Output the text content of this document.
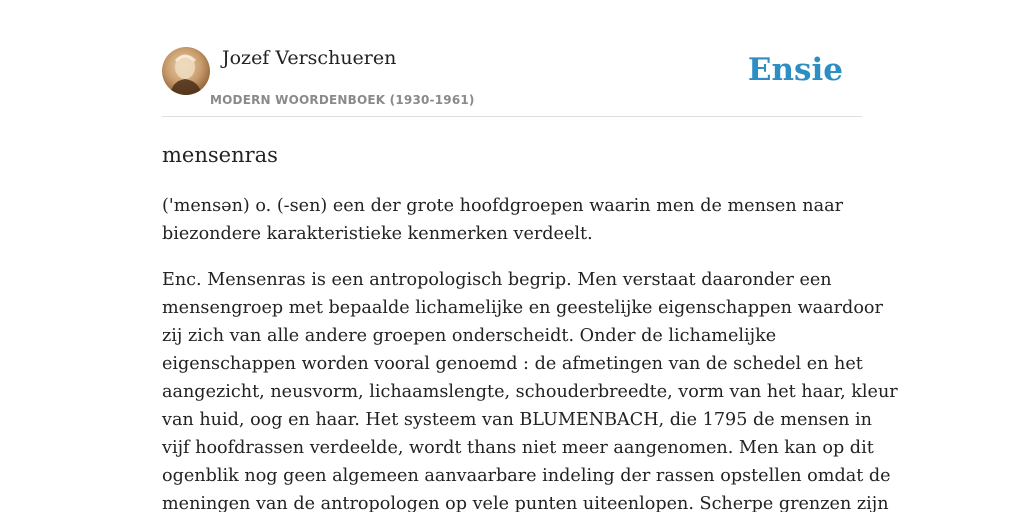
Jozef Verschueren
MODERN WOORDENBOEK (1930-1961)
Ensie
mensenras

('mensən) o. (-sen) een der grote hoofdgroepen waarin men de mensen naar
biezondere karakteristieke kenmerken verdeelt.

Enc. Mensenras is een antropologisch begrip. Men verstaat daaronder een
mensengroep met bepaalde lichamelijke en geestelijke eigenschappen waardoor
zij zich van alle andere groepen onderscheidt. Onder de lichamelijke
eigenschappen worden vooral genoemd : de afmetingen van de schedel en het
aangezicht, neusvorm, lichaamslengte, schouderbreedte, vorm van het haar, kleur
van huid, oog en haar. Het systeem van BLUMENBACH, die 1795 de mensen in
vijf hoofdrassen verdeelde, wordt thans niet meer aangenomen. Men kan op dit
ogenblik nog geen algemeen aanvaarbare indeling der rassen opstellen omdat de
meningen van de antropologen op vele punten uiteenlopen. Scherpe grenzen zijn
